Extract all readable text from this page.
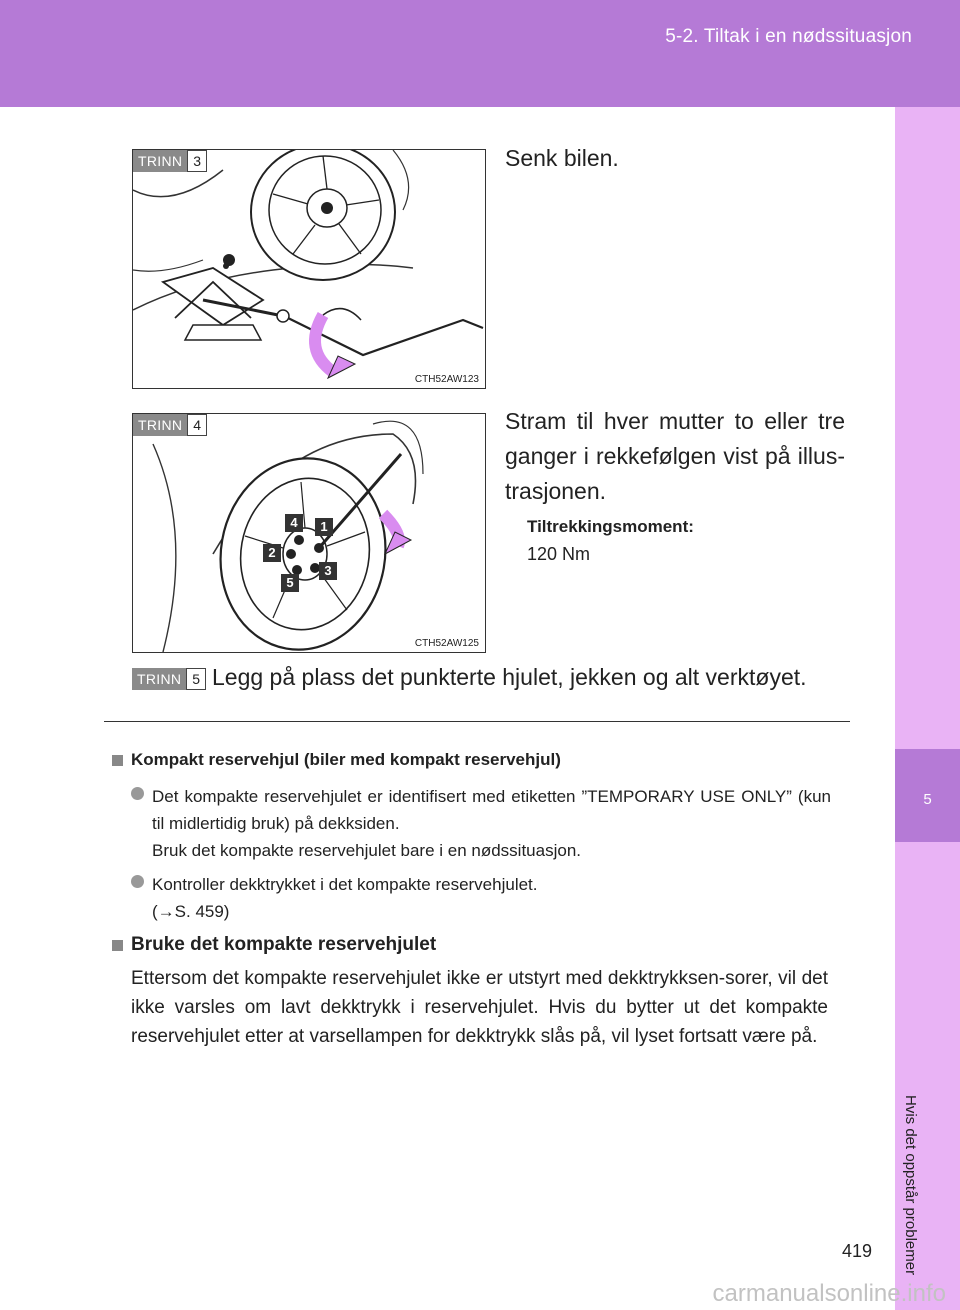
5-2. Tiltak i en nødssituasjon
5
Hvis det oppstår problemer
TRINN 3
CTH52AW123
Senk bilen.
TRINN 4
1
2
3
4
5
CTH52AW125
Stram til hver mutter to eller tre ganger i rekkefølgen vist på illus-trasjonen.
Tiltrekkingsmoment:
120 Nm
TRINN 5 Legg på plass det punkterte hjulet, jekken og alt verktøyet.
Kompakt reservehjul (biler med kompakt reservehjul)
Det kompakte reservehjulet er identifisert med etiketten ”TEMPORARY USE ONLY” (kun til midlertidig bruk) på dekksiden.
Bruk det kompakte reservehjulet bare i en nødssituasjon.
Kontroller dekktrykket i det kompakte reservehjulet.
(→S. 459)
Bruke det kompakte reservehjulet
Ettersom det kompakte reservehjulet ikke er utstyrt med dekktrykksen-sorer, vil det ikke varsles om lavt dekktrykk i reservehjulet. Hvis du bytter ut det kompakte reservehjulet etter at varsellampen for dekktrykk slås på, vil lyset fortsatt være på.
419
carmanualsonline.info
